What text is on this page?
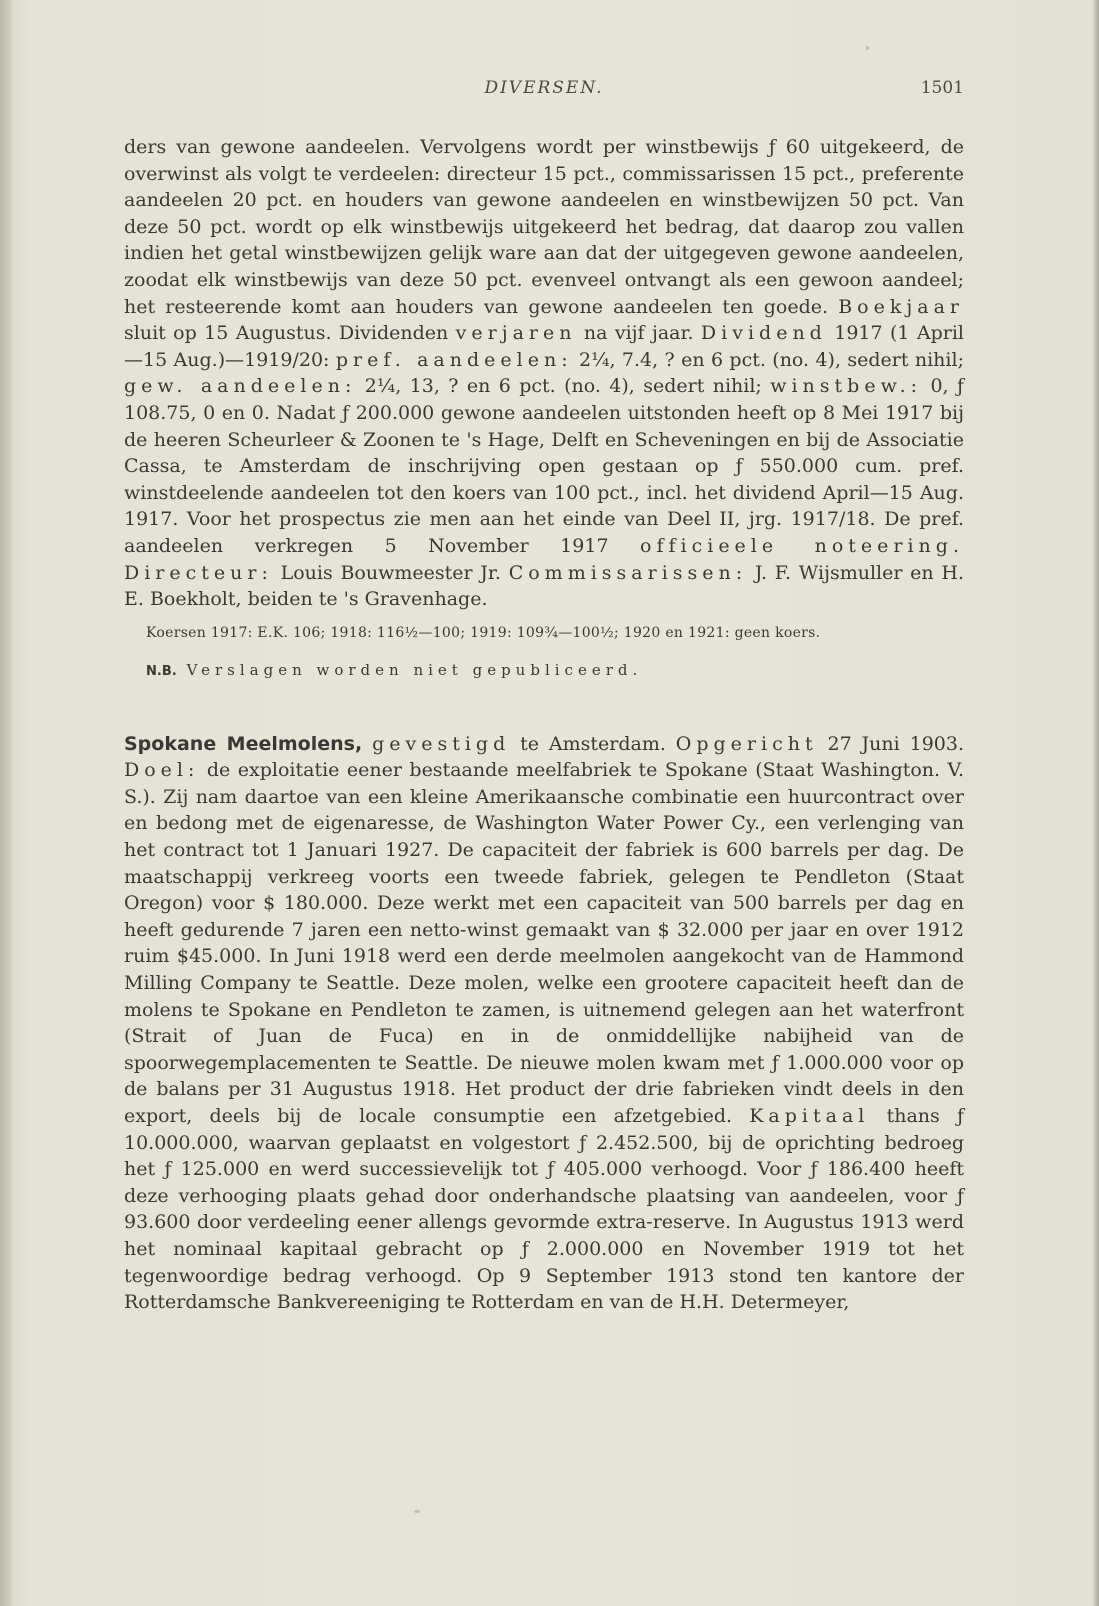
DIVERSEN.	1501

ders van gewone aandeelen. Vervolgens wordt per winstbewijs ƒ 60 uitgekeerd, de overwinst als volgt te verdeelen: directeur 15 pct., commissarissen 15 pct., preferente aandeelen 20 pct. en houders van gewone aandeelen en winstbewijzen 50 pct. Van deze 50 pct. wordt op elk winstbewijs uitgekeerd het bedrag, dat daarop zou vallen indien het getal winstbewijzen gelijk ware aan dat der uitgegeven gewone aandeelen, zoodat elk winstbewijs van deze 50 pct. evenveel ontvangt als een gewoon aandeel; het resteerende komt aan houders van gewone aandeelen ten goede. Boekjaar sluit op 15 Augustus. Dividenden verjaren na vijf jaar. Dividend 1917 (1 April—15 Aug.)—1919/20: pref. aandeelen: 2¼, 7.4, ? en 6 pct. (no. 4), sedert nihil; gew. aandeelen: 2¼, 13, ? en 6 pct. (no. 4), sedert nihil; winstbew.: 0, ƒ 108.75, 0 en 0. Nadat ƒ 200.000 gewone aandeelen uitstonden heeft op 8 Mei 1917 bij de heeren Scheurleer & Zoonen te 's Hage, Delft en Scheveningen en bij de Associatie Cassa, te Amsterdam de inschrijving open gestaan op ƒ 550.000 cum. pref. winstdeelende aandeelen tot den koers van 100 pct., incl. het dividend April—15 Aug. 1917. Voor het prospectus zie men aan het einde van Deel II, jrg. 1917/18. De pref. aandeelen verkregen 5 November 1917 officieele noteering. Directeur: Louis Bouwmeester Jr. Commissarissen: J. F. Wijsmuller en H. E. Boekholt, beiden te 's Gravenhage.

Koersen 1917: E.K. 106; 1918: 116½—100; 1919: 109¾—100½; 1920 en 1921: geen koers.

N.B. Verslagen worden niet gepubliceerd.

Spokane Meelmolens, gevestigd te Amsterdam. Opgericht 27 Juni 1903. Doel: de exploitatie eener bestaande meelfabriek te Spokane (Staat Washington. V. S.). Zij nam daartoe van een kleine Amerikaansche combinatie een huurcontract over en bedong met de eigenaresse, de Washington Water Power Cy., een verlenging van het contract tot 1 Januari 1927. De capaciteit der fabriek is 600 barrels per dag. De maatschappij verkreeg voorts een tweede fabriek, gelegen te Pendleton (Staat Oregon) voor $ 180.000. Deze werkt met een capaciteit van 500 barrels per dag en heeft gedurende 7 jaren een netto-winst gemaakt van $ 32.000 per jaar en over 1912 ruim $45.000. In Juni 1918 werd een derde meelmolen aangekocht van de Hammond Milling Company te Seattle. Deze molen, welke een grootere capaciteit heeft dan de molens te Spokane en Pendleton te zamen, is uitnemend gelegen aan het waterfront (Strait of Juan de Fuca) en in de onmiddellijke nabijheid van de spoorwegemplacementen te Seattle. De nieuwe molen kwam met ƒ 1.000.000 voor op de balans per 31 Augustus 1918. Het product der drie fabrieken vindt deels in den export, deels bij de locale consumptie een afzetgebied. Kapitaal thans ƒ 10.000.000, waarvan geplaatst en volgestort ƒ 2.452.500, bij de oprichting bedroeg het ƒ 125.000 en werd successievelijk tot ƒ 405.000 verhoogd. Voor ƒ 186.400 heeft deze verhooging plaats gehad door onderhandsche plaatsing van aandeelen, voor ƒ 93.600 door verdeeling eener allengs gevormde extra-reserve. In Augustus 1913 werd het nominaal kapitaal gebracht op ƒ 2.000.000 en November 1919 tot het tegenwoordige bedrag verhoogd. Op 9 September 1913 stond ten kantore der Rotterdamsche Bankvereeniging te Rotterdam en van de H.H. Determeyer,
